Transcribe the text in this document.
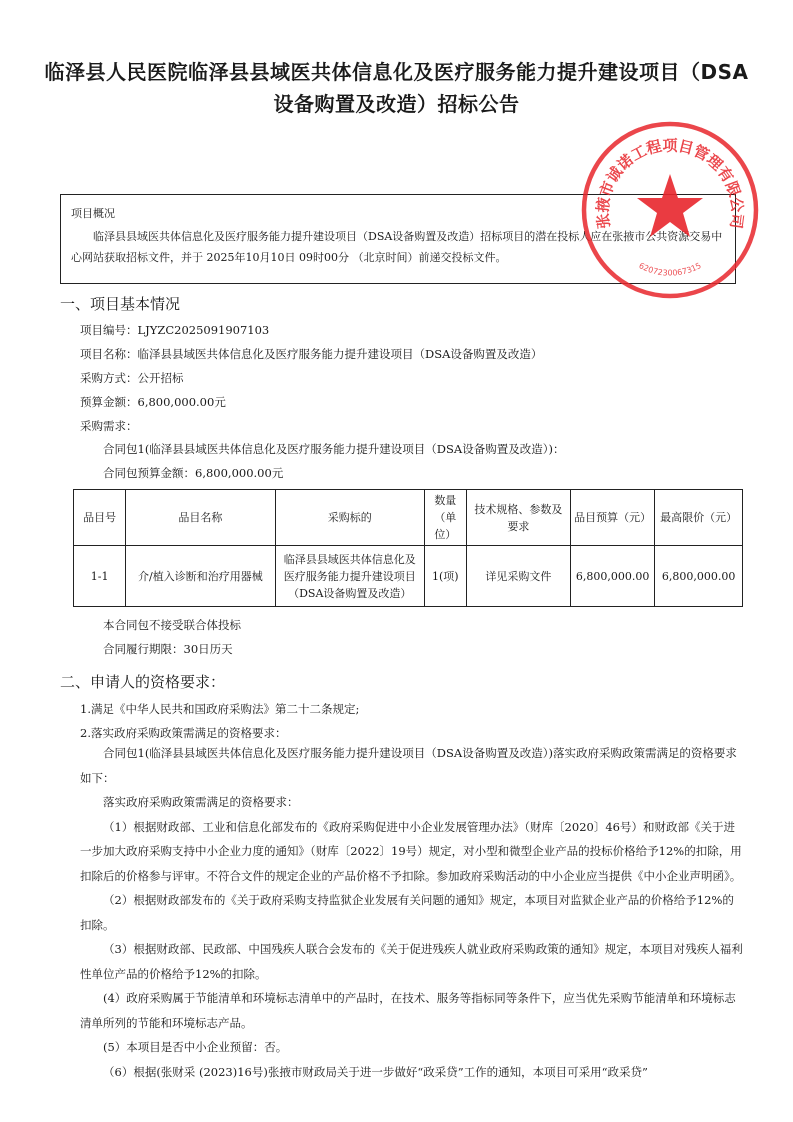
临泽县人民医院临泽县县域医共体信息化及医疗服务能力提升建设项目（DSA设备购置及改造）招标公告

项目概况

临泽县县域医共体信息化及医疗服务能力提升建设项目（DSA设备购置及改造）招标项目的潜在投标人应在张掖市公共资源交易中心网站获取招标文件，并于 2025年10月10日 09时00分 （北京时间）前递交投标文件。

一、项目基本情况
项目编号：LJYZC2025091907103
项目名称：临泽县县域医共体信息化及医疗服务能力提升建设项目（DSA设备购置及改造）
采购方式：公开招标
预算金额：6,800,000.00元
采购需求：
合同包1(临泽县县域医共体信息化及医疗服务能力提升建设项目（DSA设备购置及改造）)：
合同包预算金额：6,800,000.00元
品目号	品目名称	采购标的	数量（单位）	技术规格、参数及要求	品目预算（元）	最高限价（元）
1-1	介/植入诊断和治疗用器械	临泽县县域医共体信息化及医疗服务能力提升建设项目（DSA设备购置及改造）	1(项)	详见采购文件	6,800,000.00	6,800,000.00
本合同包不接受联合体投标
合同履行期限：30日历天
二、申请人的资格要求：
1.满足《中华人民共和国政府采购法》第二十二条规定;
2.落实政府采购政策需满足的资格要求：
合同包1(临泽县县域医共体信息化及医疗服务能力提升建设项目（DSA设备购置及改造）)落实政府采购政策需满足的资格要求如下：
落实政府采购政策需满足的资格要求：
（1）根据财政部、工业和信息化部发布的《政府采购促进中小企业发展管理办法》（财库〔2020〕46号）和财政部《关于进一步加大政府采购支持中小企业力度的通知》（财库〔2022〕19号）规定，对小型和微型企业产品的投标价格给予12%的扣除，用扣除后的价格参与评审。不符合文件的规定企业的产品价格不予扣除。参加政府采购活动的中小企业应当提供《中小企业声明函》。
（2）根据财政部发布的《关于政府采购支持监狱企业发展有关问题的通知》规定，本项目对监狱企业产品的价格给予12%的扣除。
（3）根据财政部、民政部、中国残疾人联合会发布的《关于促进残疾人就业政府采购政策的通知》规定，本项目对残疾人福利性单位产品的价格给予12%的扣除。
(4）政府采购属于节能清单和环境标志清单中的产品时，在技术、服务等指标同等条件下，应当优先采购节能清单和环境标志清单所列的节能和环境标志产品。
(5）本项目是否中小企业预留：否。
（6）根据(张财采 (2023)16号)张掖市财政局关于进一步做好“政采贷”工作的通知，本项目可采用“政采贷”
张掖市诚诺工程项目管理有限公司
6207230067315
